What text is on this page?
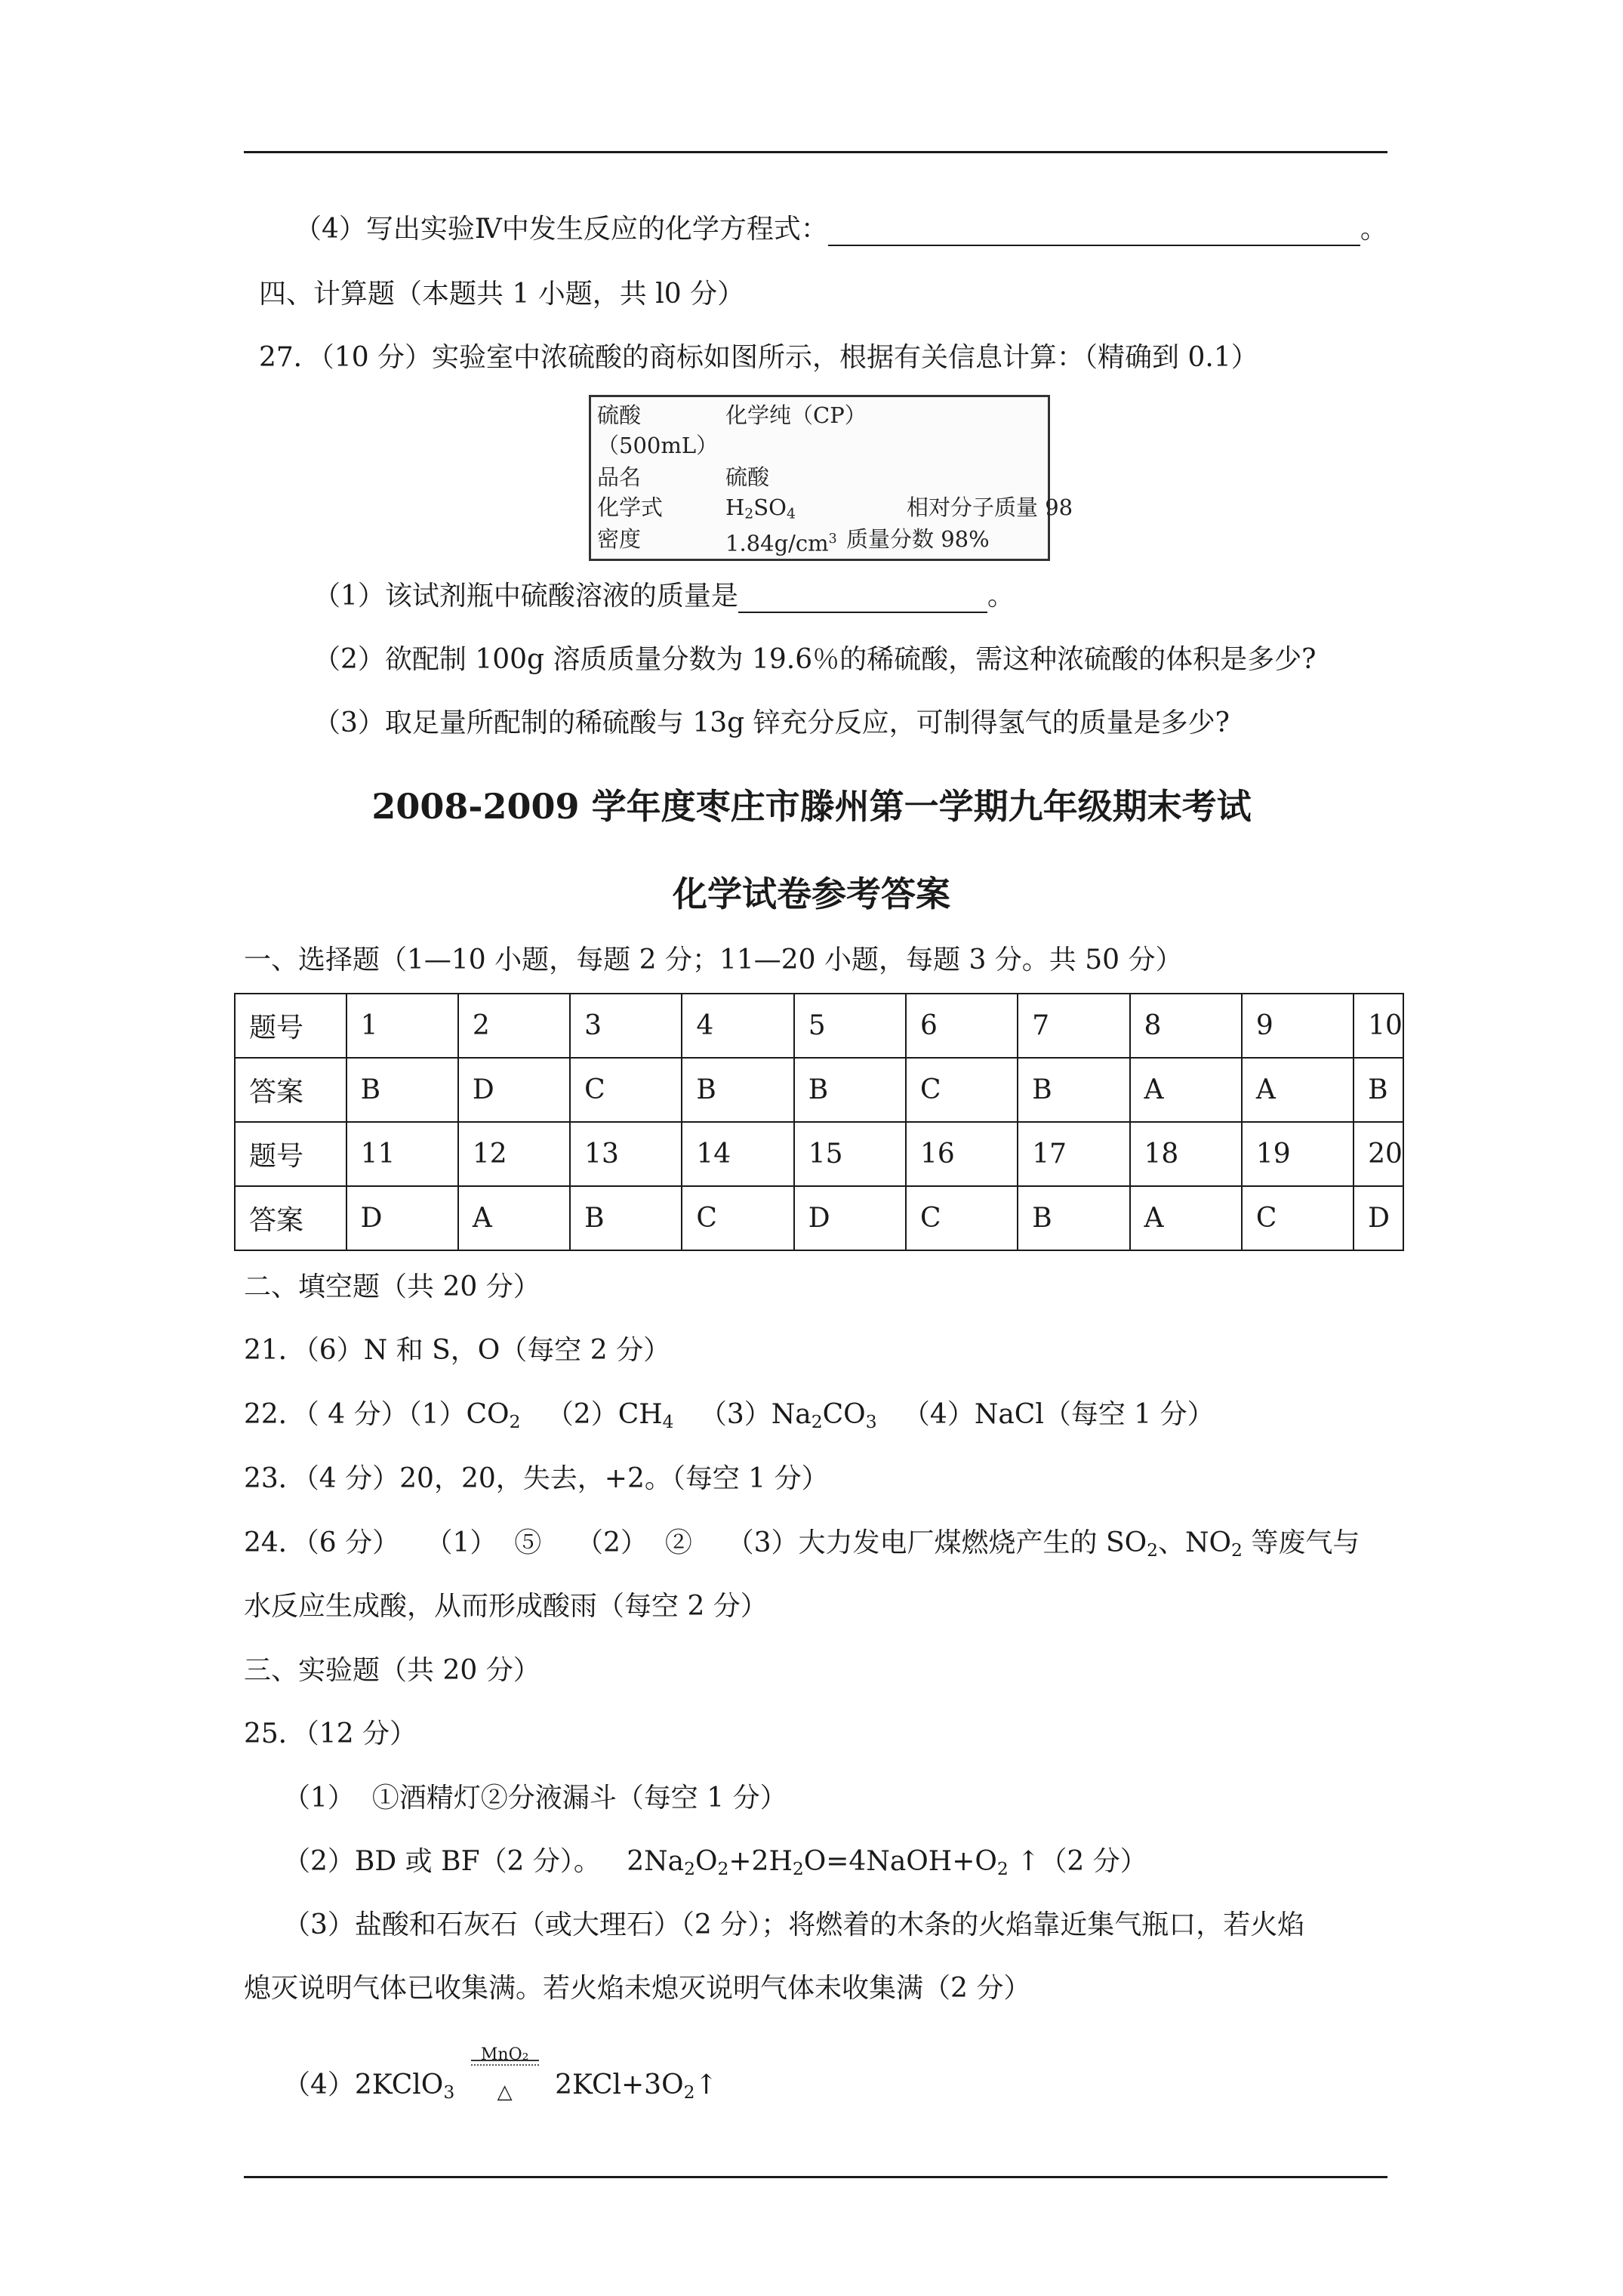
（4）写出实验Ⅳ中发生反应的化学方程式：	。
四、计算题（本题共 1 小题，共 l0 分）
27．（10 分）实验室中浓硫酸的商标如图所示，根据有关信息计算：（精确到 0.1）
硫酸	化学纯（CP）
（500mL）
品名	硫酸
化学式	$H_2SO_4$	相对分子质量 98
密度	$1.84g/cm^3$ 质量分数 98%
（1）该试剂瓶中硫酸溶液的质量是	。
（2）欲配制 100g 溶质质量分数为 19.6％的稀硫酸，需这种浓硫酸的体积是多少?
（3）取足量所配制的稀硫酸与 13g 锌充分反应，可制得氢气的质量是多少?
2008-2009 学年度枣庄市滕州第一学期九年级期末考试
化学试卷参考答案
一、选择题（1—10 小题，每题 2 分；11—20 小题，每题 3 分。共 50 分）
题号	1	2	3	4	5	6	7	8	9	10
答案	B	D	C	B	B	C	B	A	A	B
题号	11	12	13	14	15	16	17	18	19	20
答案	D	A	B	C	D	C	B	A	C	D
二、填空题（共 20 分）
21．（6）N 和 S，O（每空 2 分）
22．（ 4 分）$(1)CO_2$   $(2)CH_4$   $(3)Na_2CO_3$   （4）NaCl（每空 1 分）
23．（4 分）20，20，失去，+2。（每空 1 分）
24．（6 分）   （1）  ⑤    （2）  ②    （3）大力发电厂煤燃烧产生的 $SO_2$、$NO_2$ 等废气与
水反应生成酸，从而形成酸雨（每空 2 分）
三、实验题（共 20 分）
25．（12 分）
（1）  ①酒精灯②分液漏斗（每空 1 分）
（2）BD 或 BF（2 分）。   $2Na_2O_2+2H_2O=4NaOH+O_2$ ↑（2 分）
（3）盐酸和石灰石（或大理石）（2 分）；将燃着的木条的火焰靠近集气瓶口，若火焰
熄灭说明气体已收集满。若火焰未熄灭说明气体未收集满（2 分）
（4）2KClO$_3$
MnO₂
△ $2KCl+3O_2↑$
